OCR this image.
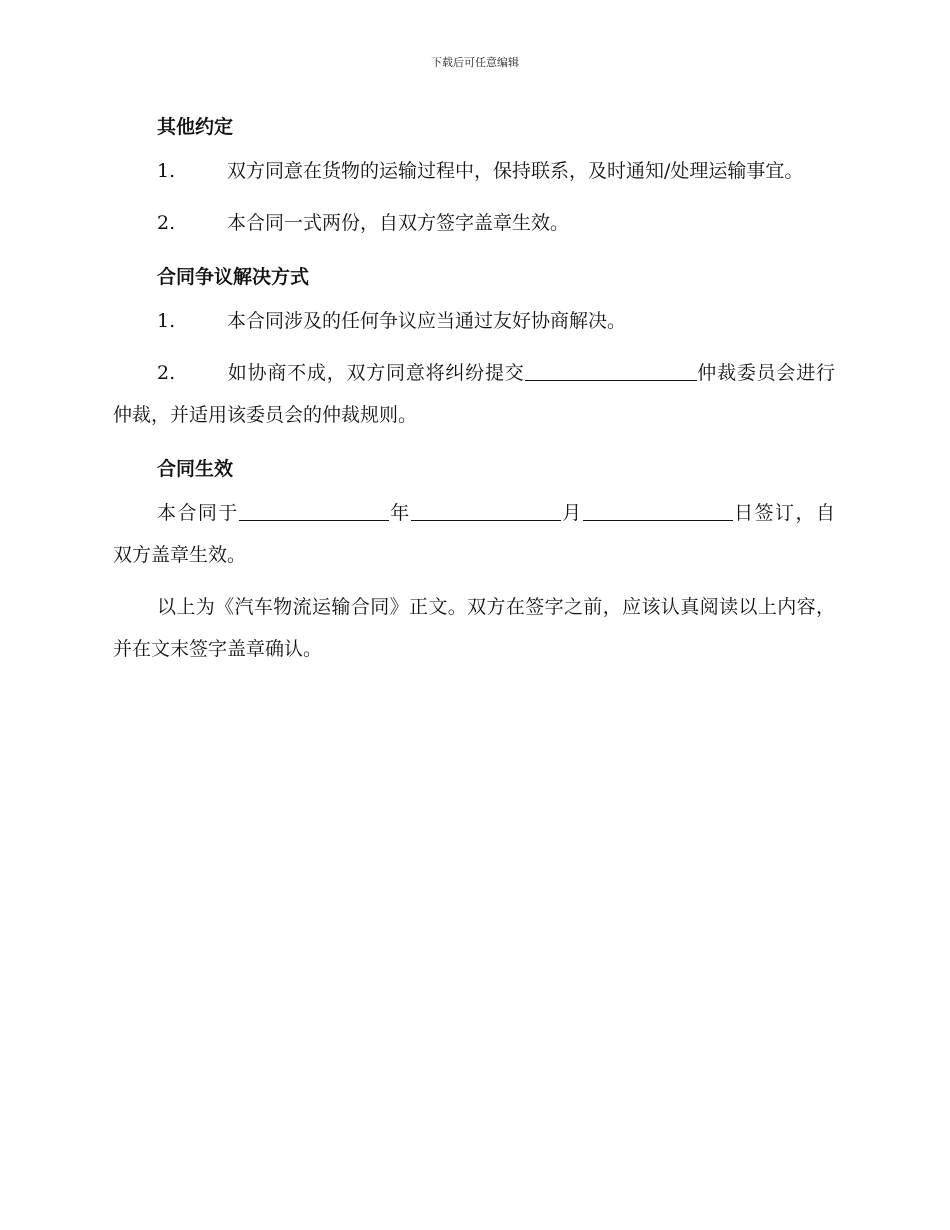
下载后可任意编辑
其他约定
1.	双方同意在货物的运输过程中，保持联系，及时通知/处理运输事宜。
2.	本合同一式两份，自双方签字盖章生效。
合同争议解决方式
1.	本合同涉及的任何争议应当通过友好协商解决。
2.	如协商不成，双方同意将纠纷提交	仲裁委员会进行仲裁，并适用该委员会的仲裁规则。
合同生效
本合同于	年	月	日签订，自双方盖章生效。
以上为《汽车物流运输合同》正文。双方在签字之前，应该认真阅读以上内容，并在文末签字盖章确认。
